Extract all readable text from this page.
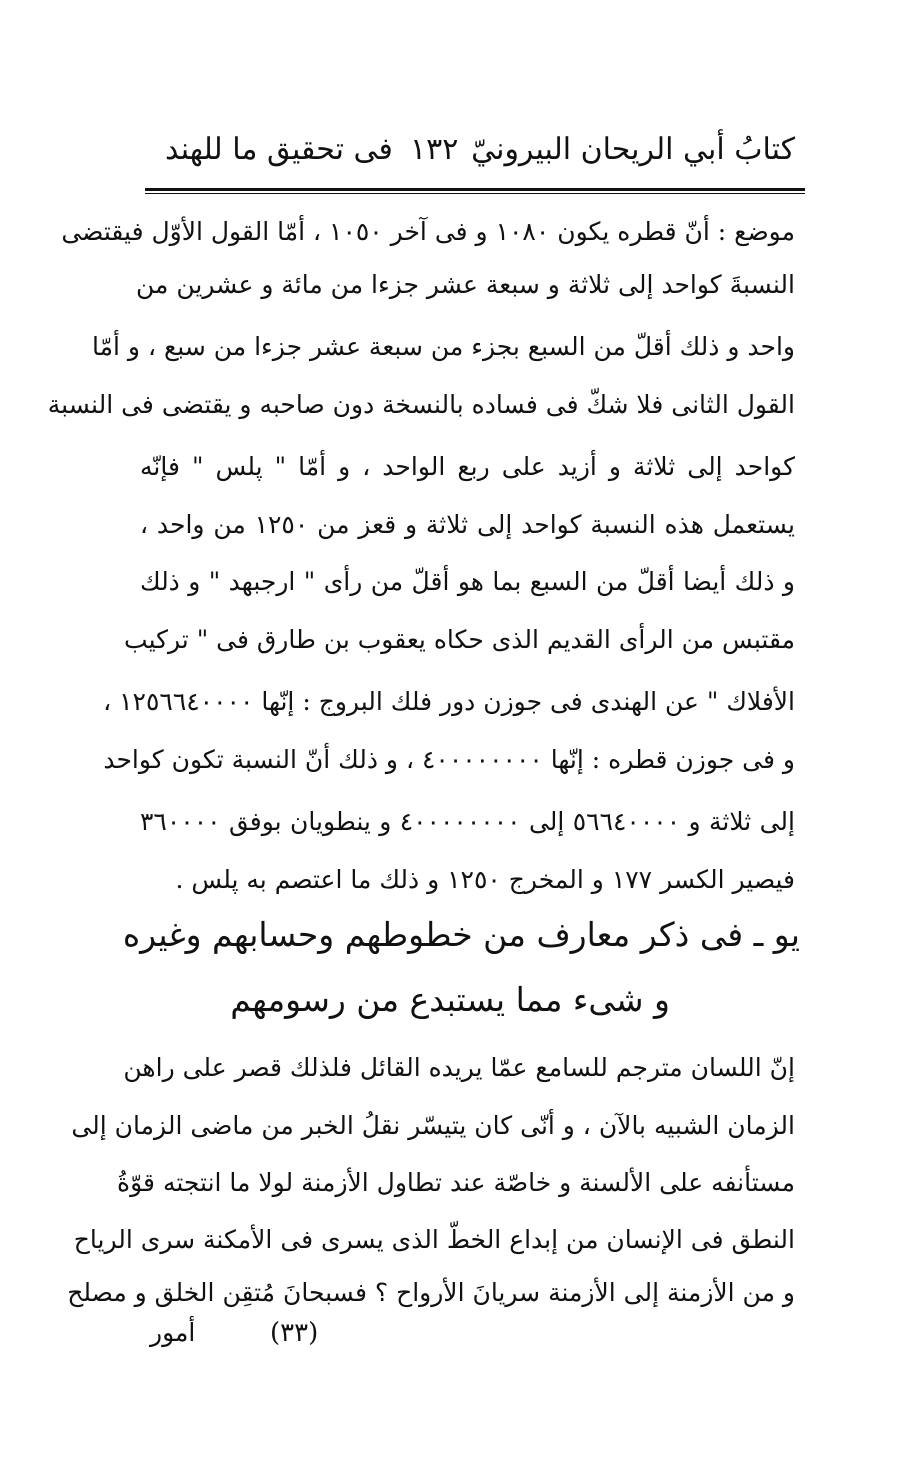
كتابُ أبي الريحان البيرونيّ
١٣٢
فى تحقيق ما للهند
موضع : أنّ قطره يكون ١٠٨٠ و فى آخر ١٠٥٠ ، أمّا القول الأوّل فيقتضى
النسبةَ كواحد إلى ثلاثة و سبعة عشر جزءا من مائة و عشرين من
واحد و ذلك أقلّ من السبع بجزء من سبعة عشر جزءا من سبع ، و أمّا
القول الثانى فلا شكّ فى فساده بالنسخة دون صاحبه و يقتضى فى النسبة
كواحد إلى ثلاثة و أزيد على ربع الواحد ، و أمّا " پلس " فإنّه
يستعمل هذه النسبة كواحد إلى ثلاثة و قعز من ١٢٥٠ من واحد ،
و ذلك أيضا أقلّ من السبع بما هو أقلّ من رأى " ارجبهد " و ذلك
مقتبس من الرأى القديم الذى حكاه يعقوب بن طارق فى " تركيب
الأفلاك " عن الهندى فى جوزن دور فلك البروج : إنّها ١٢٥٦٦٤٠٠٠٠ ،
و فى جوزن قطره : إنّها ٤٠٠٠٠٠٠٠٠ ، و ذلك أنّ النسبة تكون كواحد
إلى ثلاثة و ٥٦٦٤٠٠٠٠ إلى ٤٠٠٠٠٠٠٠٠ و ينطويان بوفق ٣٦٠٠٠٠
فيصير الكسر ١٧٧ و المخرج ١٢٥٠ و ذلك ما اعتصم به پلس .
يو ـ فى ذكر معارف من خطوطهم وحسابهم وغيره
و شىء مما يستبدع من رسومهم
إنّ اللسان مترجم للسامع عمّا يريده القائل فلذلك قصر على راهن
الزمان الشبيه بالآن ، و أنّى كان يتيسّر نقلُ الخبر من ماضى الزمان إلى
مستأنفه على الألسنة و خاصّة عند تطاول الأزمنة لولا ما انتجته قوّةُ
النطق فى الإنسان من إبداع الخطّ الذى يسرى فى الأمكنة سرى الرياح
و من الأزمنة إلى الأزمنة سريانَ الأرواح ؟ فسبحانَ مُتقِن الخلق و مصلح
(٣٣)
أمور
